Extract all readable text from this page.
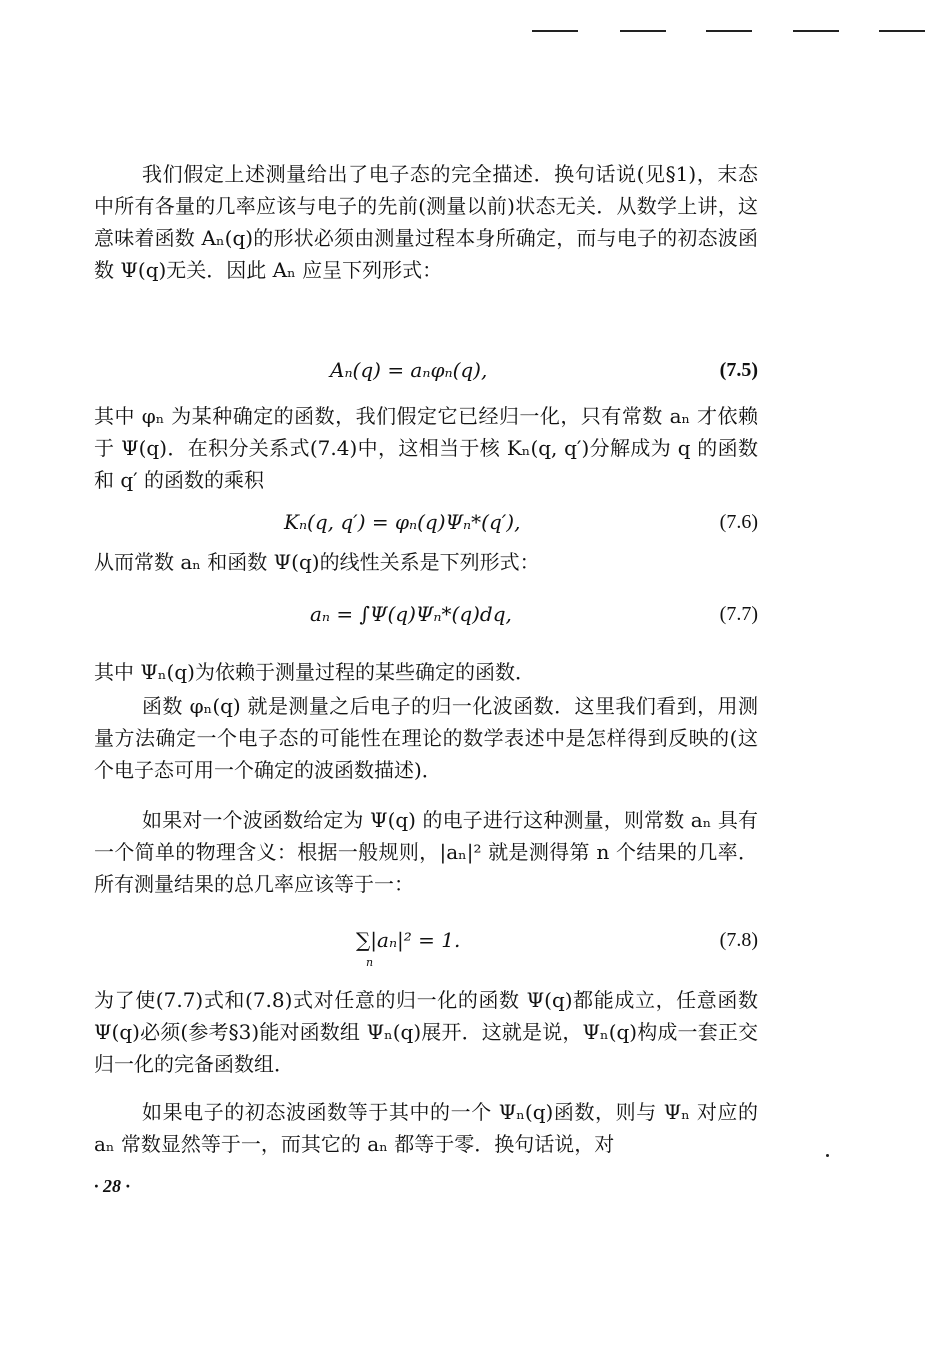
我们假定上述测量给出了电子态的完全描述．换句话说(见§1)，末态中所有各量的几率应该与电子的先前(测量以前)状态无关．从数学上讲，这意味着函数 Aₙ(q)的形状必须由测量过程本身所确定，而与电子的初态波函数 Ψ(q)无关．因此 Aₙ 应呈下列形式：

Aₙ(q) = aₙφₙ(q),	(7.5)

其中 φₙ 为某种确定的函数，我们假定它已经归一化，只有常数 aₙ 才依赖于 Ψ(q)．在积分关系式(7.4)中，这相当于核 Kₙ(q, q′)分解成为 q 的函数和 q′ 的函数的乘积

Kₙ(q, q′) = φₙ(q)Ψₙ*(q′),	(7.6)

从而常数 aₙ 和函数 Ψ(q)的线性关系是下列形式：

aₙ = ∫Ψ(q)Ψₙ*(q)dq,	(7.7)

其中 Ψₙ(q)为依赖于测量过程的某些确定的函数．

函数 φₙ(q) 就是测量之后电子的归一化波函数．这里我们看到，用测量方法确定一个电子态的可能性在理论的数学表述中是怎样得到反映的(这个电子态可用一个确定的波函数描述)．

如果对一个波函数给定为 Ψ(q) 的电子进行这种测量，则常数 aₙ 具有一个简单的物理含义：根据一般规则，|aₙ|² 就是测得第 n 个结果的几率．所有测量结果的总几率应该等于一：

∑|aₙ|² = 1.
n
(7.8)

为了使(7.7)式和(7.8)式对任意的归一化的函数 Ψ(q)都能成立，任意函数 Ψ(q)必须(参考§3)能对函数组 Ψₙ(q)展开．这就是说，Ψₙ(q)构成一套正交归一化的完备函数组．

如果电子的初态波函数等于其中的一个 Ψₙ(q)函数，则与 Ψₙ 对应的 aₙ 常数显然等于一，而其它的 aₙ 都等于零．换句话说，对

· 28 ·
